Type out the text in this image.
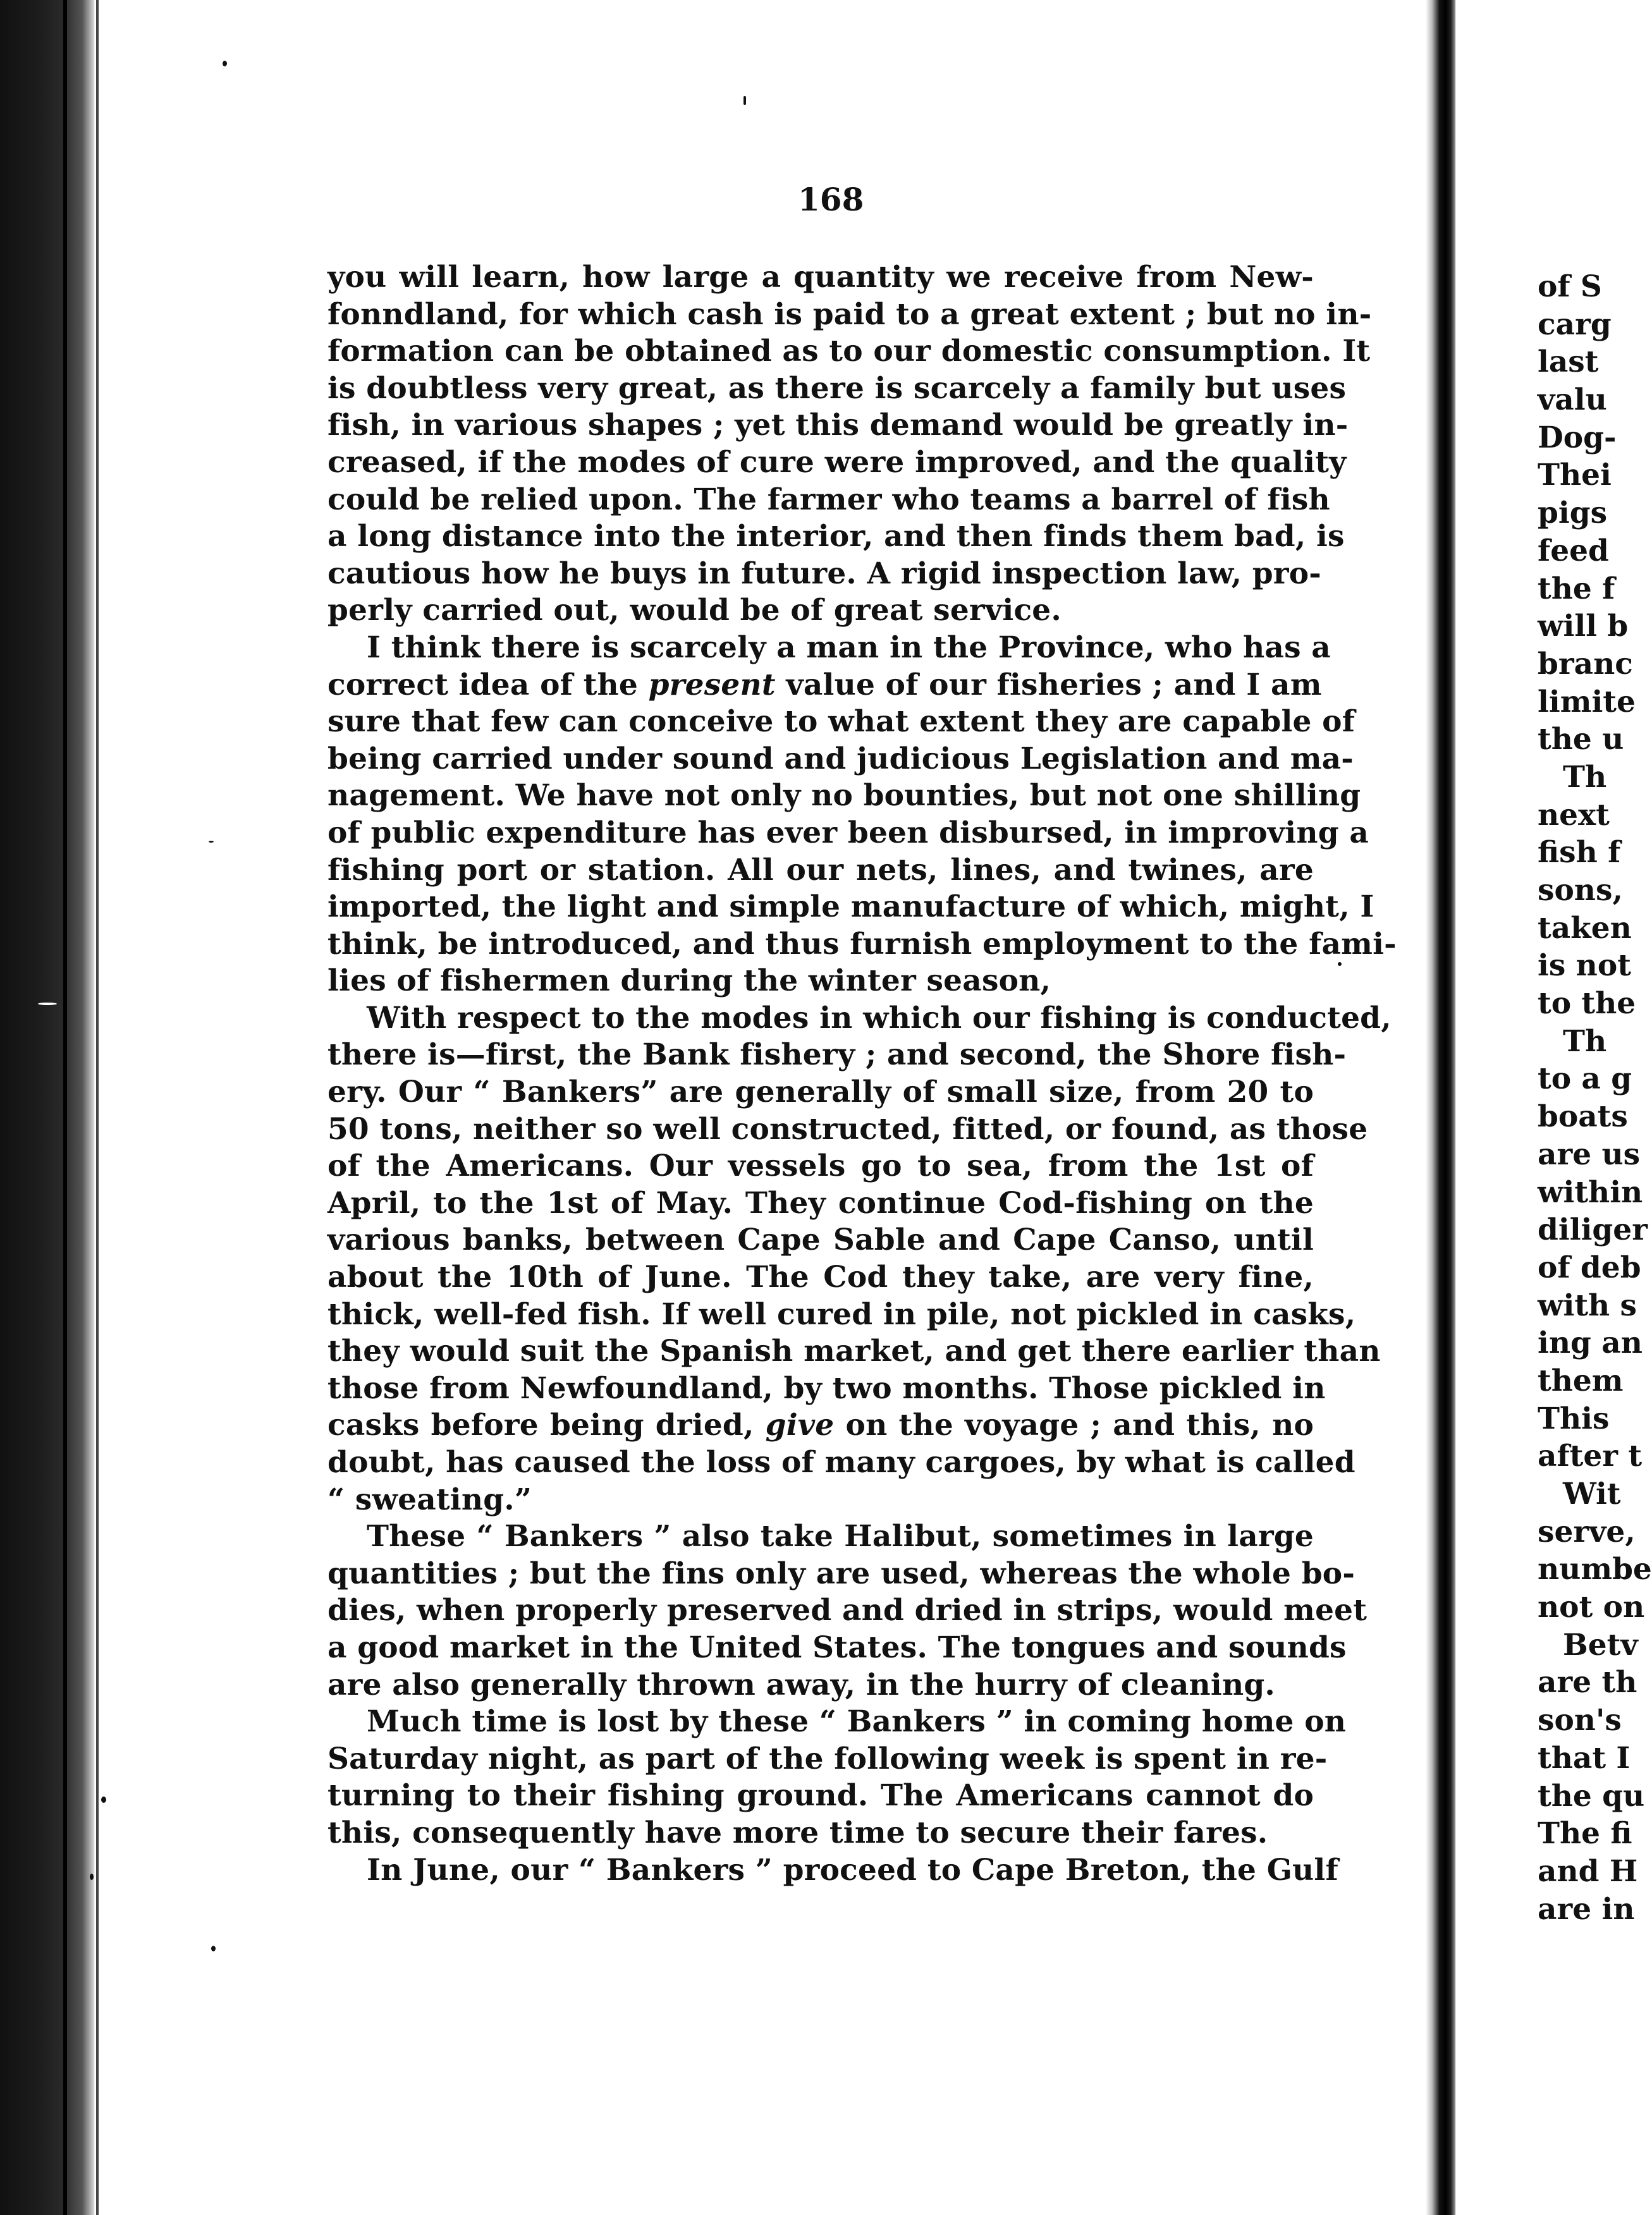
168
you will learn, how large a quantity we receive from New-
fonndland, for which cash is paid to a great extent ; but no in-
formation can be obtained as to our domestic consumption. It
is doubtless very great, as there is scarcely a family but uses
fish, in various shapes ; yet this demand would be greatly in-
creased, if the modes of cure were improved, and the quality
could be relied upon. The farmer who teams a barrel of fish
a long distance into the interior, and then finds them bad, is
cautious how he buys in future. A rigid inspection law, pro-
perly carried out, would be of great service.
I think there is scarcely a man in the Province, who has a
correct idea of the present value of our fisheries ; and I am
sure that few can conceive to what extent they are capable of
being carried under sound and judicious Legislation and ma-
nagement. We have not only no bounties, but not one shilling
of public expenditure has ever been disbursed, in improving a
fishing port or station. All our nets, lines, and twines, are
imported, the light and simple manufacture of which, might, I
think, be introduced, and thus furnish employment to the fami-
lies of fishermen during the winter season,
With respect to the modes in which our fishing is conducted,
there is—first, the Bank fishery ; and second, the Shore fish-
ery. Our “ Bankers” are generally of small size, from 20 to
50 tons, neither so well constructed, fitted, or found, as those
of the Americans. Our vessels go to sea, from the 1st of
April, to the 1st of May. They continue Cod-fishing on the
various banks, between Cape Sable and Cape Canso, until
about the 10th of June. The Cod they take, are very fine,
thick, well-fed fish. If well cured in pile, not pickled in casks,
they would suit the Spanish market, and get there earlier than
those from Newfoundland, by two months. Those pickled in
casks before being dried, give on the voyage ; and this, no
doubt, has caused the loss of many cargoes, by what is called
“ sweating.”
These “ Bankers ” also take Halibut, sometimes in large
quantities ; but the fins only are used, whereas the whole bo-
dies, when properly preserved and dried in strips, would meet
a good market in the United States. The tongues and sounds
are also generally thrown away, in the hurry of cleaning.
Much time is lost by these “ Bankers ” in coming home on
Saturday night, as part of the following week is spent in re-
turning to their fishing ground. The Americans cannot do
this, consequently have more time to secure their fares.
In June, our “ Bankers ” proceed to Cape Breton, the Gulf
of S
carg
last
valu
Dog-
Thei
pigs
feed
the f
will b
branc
limite
the u
Th
next
fish f
sons,
taken
is not
to the
Th
to a g
boats
are us
within
diliger
of deb
with s
ing an
them
This
after t
Wit
serve,
numbe
not on
Betv
are th
son's
that I
the qu
The fi
and H
are in
